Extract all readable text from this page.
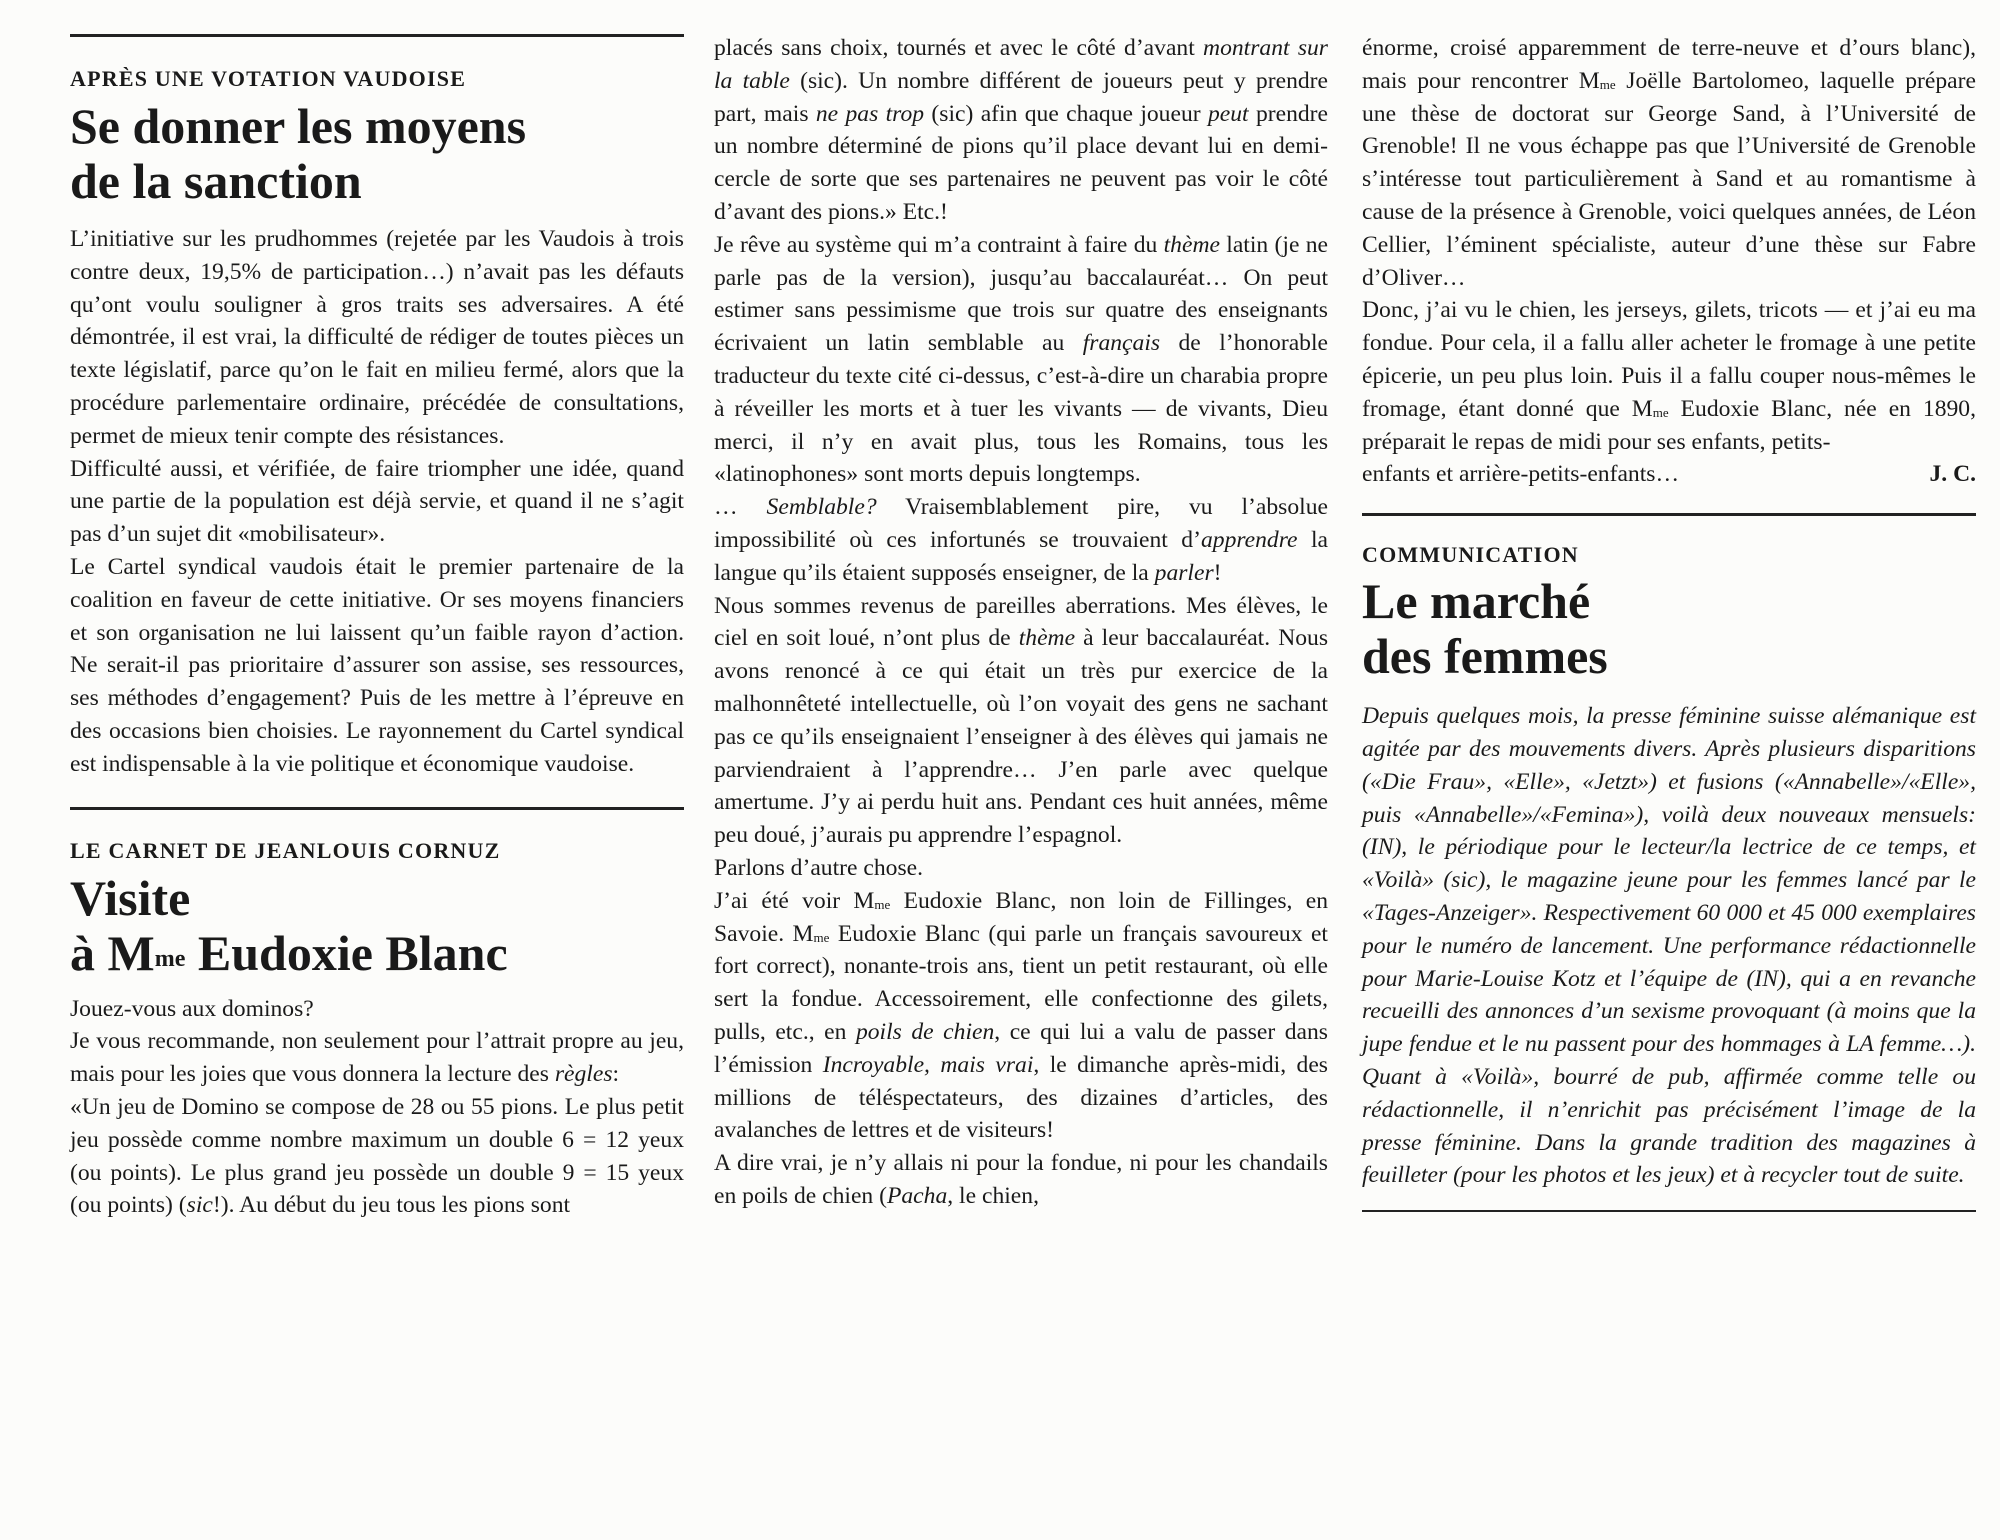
APRÈS UNE VOTATION VAUDOISE
Se donner les moyens
de la sanction

L’initiative sur les prudhommes (rejetée par les Vaudois à trois contre deux, 19,5% de participation…) n’avait pas les défauts qu’ont voulu souligner à gros traits ses adversaires. A été démontrée, il est vrai, la difficulté de rédiger de toutes pièces un texte législatif, parce qu’on le fait en milieu fermé, alors que la procédure parlementaire ordinaire, précédée de consultations, permet de mieux tenir compte des résistances.

Difficulté aussi, et vérifiée, de faire triompher une idée, quand une partie de la population est déjà servie, et quand il ne s’agit pas d’un sujet dit «mobilisateur».

Le Cartel syndical vaudois était le premier partenaire de la coalition en faveur de cette initiative. Or ses moyens financiers et son organisation ne lui laissent qu’un faible rayon d’action. Ne serait-il pas prioritaire d’assurer son assise, ses ressources, ses méthodes d’engagement? Puis de les mettre à l’épreuve en des occasions bien choisies. Le rayonnement du Cartel syndical est indispensable à la vie politique et économique vaudoise.

LE CARNET DE JEANLOUIS CORNUZ
Visite
à $M^{me}$ Eudoxie Blanc

Jouez-vous aux dominos?

Je vous recommande, non seulement pour l’attrait propre au jeu, mais pour les joies que vous donnera la lecture des règles:

«Un jeu de Domino se compose de 28 ou 55 pions. Le plus petit jeu possède comme nombre maximum un double 6 = 12 yeux (ou points). Le plus grand jeu possède un double 9 = 15 yeux (ou points) (sic!). Au début du jeu tous les pions sont

placés sans choix, tournés et avec le côté d’avant montrant sur la table (sic). Un nombre différent de joueurs peut y prendre part, mais ne pas trop (sic) afin que chaque joueur peut prendre un nombre déterminé de pions qu’il place devant lui en demi-cercle de sorte que ses partenaires ne peuvent pas voir le côté d’avant des pions.» Etc.!

Je rêve au système qui m’a contraint à faire du thème latin (je ne parle pas de la version), jusqu’au baccalauréat… On peut estimer sans pessimisme que trois sur quatre des enseignants écrivaient un latin semblable au français de l’honorable traducteur du texte cité ci-dessus, c’est-à-dire un charabia propre à réveiller les morts et à tuer les vivants — de vivants, Dieu merci, il n’y en avait plus, tous les Romains, tous les «latinophones» sont morts depuis longtemps.

… Semblable? Vraisemblablement pire, vu l’absolue impossibilité où ces infortunés se trouvaient d’apprendre la langue qu’ils étaient supposés enseigner, de la parler!

Nous sommes revenus de pareilles aberrations. Mes élèves, le ciel en soit loué, n’ont plus de thème à leur baccalauréat. Nous avons renoncé à ce qui était un très pur exercice de la malhonnêteté intellectuelle, où l’on voyait des gens ne sachant pas ce qu’ils enseignaient l’enseigner à des élèves qui jamais ne parviendraient à l’apprendre… J’en parle avec quelque amertume. J’y ai perdu huit ans. Pendant ces huit années, même peu doué, j’aurais pu apprendre l’espagnol.

Parlons d’autre chose.

J’ai été voir $M^{me}$ Eudoxie Blanc, non loin de Fillinges, en Savoie. $M^{me}$ Eudoxie Blanc (qui parle un français savoureux et fort correct), nonante-trois ans, tient un petit restaurant, où elle sert la fondue. Accessoirement, elle confectionne des gilets, pulls, etc., en poils de chien, ce qui lui a valu de passer dans l’émission Incroyable, mais vrai, le dimanche après-midi, des millions de téléspectateurs, des dizaines d’articles, des avalanches de lettres et de visiteurs!

A dire vrai, je n’y allais ni pour la fondue, ni pour les chandails en poils de chien (Pacha, le chien,

énorme, croisé apparemment de terre-neuve et d’ours blanc), mais pour rencontrer $M^{me}$ Joëlle Bartolomeo, laquelle prépare une thèse de doctorat sur George Sand, à l’Université de Grenoble! Il ne vous échappe pas que l’Université de Grenoble s’intéresse tout particulièrement à Sand et au romantisme à cause de la présence à Grenoble, voici quelques années, de Léon Cellier, l’éminent spécialiste, auteur d’une thèse sur Fabre d’Oliver…

Donc, j’ai vu le chien, les jerseys, gilets, tricots — et j’ai eu ma fondue. Pour cela, il a fallu aller acheter le fromage à une petite épicerie, un peu plus loin. Puis il a fallu couper nous-mêmes le fromage, étant donné que $M^{me}$ Eudoxie Blanc, née en 1890, préparait le repas de midi pour ses enfants, petits-

enfants et arrière-petits-enfants…	J. C.
COMMUNICATION
Le marché
des femmes

Depuis quelques mois, la presse féminine suisse alémanique est agitée par des mouvements divers. Après plusieurs disparitions («Die Frau», «Elle», «Jetzt») et fusions («Annabelle»/«Elle», puis «Annabelle»/«Femina»), voilà deux nouveaux mensuels: (IN), le périodique pour le lecteur/la lectrice de ce temps, et «Voilà» (sic), le magazine jeune pour les femmes lancé par le «Tages-Anzeiger». Respectivement 60 000 et 45 000 exemplaires pour le numéro de lancement. Une performance rédactionnelle pour Marie-Louise Kotz et l’équipe de (IN), qui a en revanche recueilli des annonces d’un sexisme provoquant (à moins que la jupe fendue et le nu passent pour des hommages à LA femme…). Quant à «Voilà», bourré de pub, affirmée comme telle ou rédactionnelle, il n’enrichit pas précisément l’image de la presse féminine. Dans la grande tradition des magazines à feuilleter (pour les photos et les jeux) et à recycler tout de suite.
